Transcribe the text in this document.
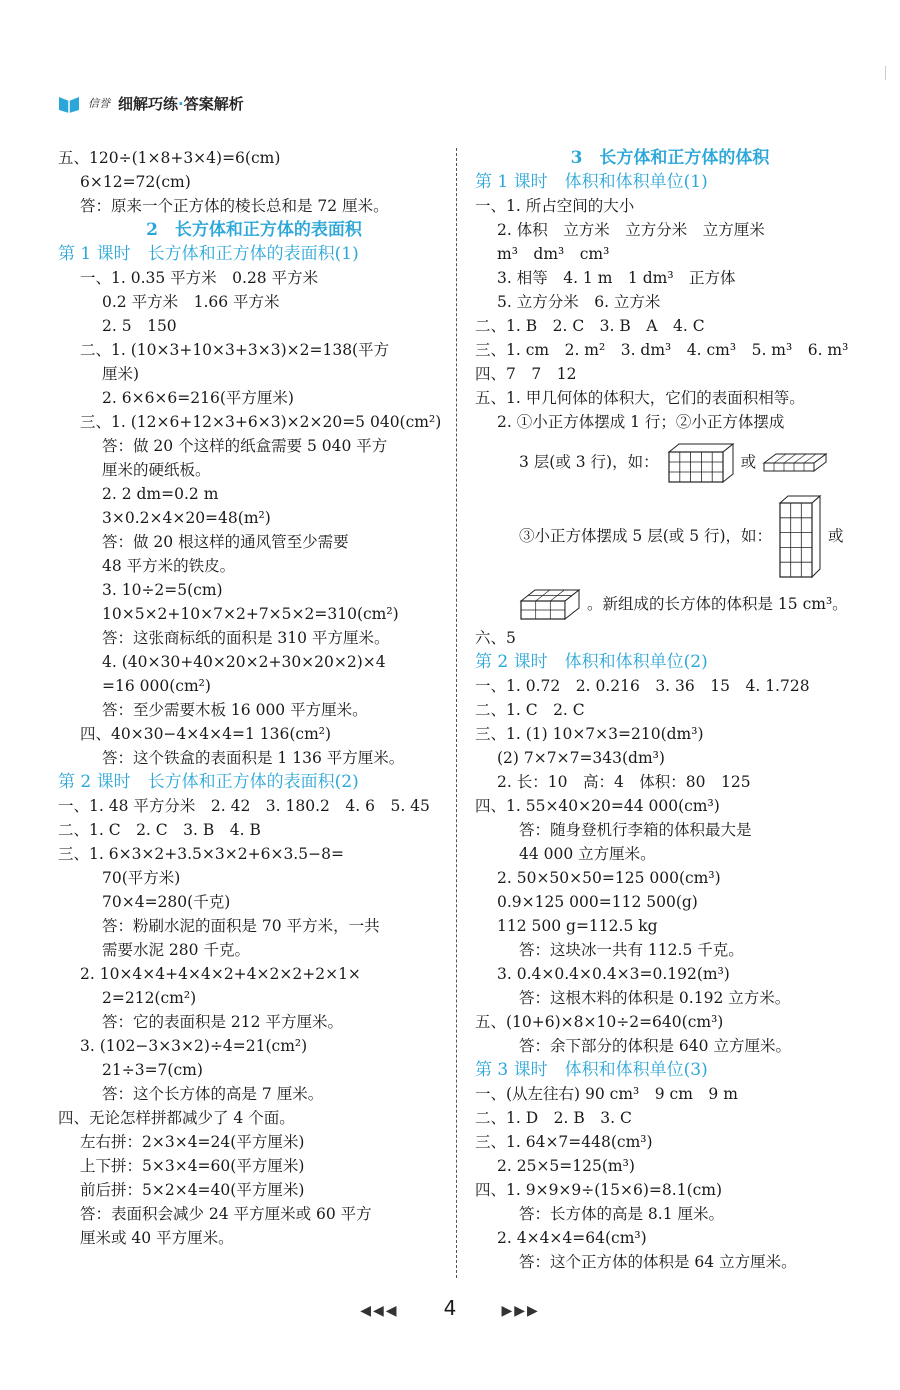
信誉 细解巧练·答案解析
五、120÷(1×8+3×4)=6(cm)
6×12=72(cm)
答：原来一个正方体的棱长总和是 72 厘米。
2　长方体和正方体的表面积
第 1 课时　长方体和正方体的表面积(1)
一、1. 0.35 平方米　0.28 平方米
0.2 平方米　1.66 平方米
2. 5　150
二、1. (10×3+10×3+3×3)×2=138(平方
厘米)
2. 6×6×6=216(平方厘米)
三、1. (12×6+12×3+6×3)×2×20=5 040(cm²)
答：做 20 个这样的纸盒需要 5 040 平方
厘米的硬纸板。
2. 2 dm=0.2 m
3×0.2×4×20=48(m²)
答：做 20 根这样的通风管至少需要
48 平方米的铁皮。
3. 10÷2=5(cm)
10×5×2+10×7×2+7×5×2=310(cm²)
答：这张商标纸的面积是 310 平方厘米。
4. (40×30+40×20×2+30×20×2)×4
=16 000(cm²)
答：至少需要木板 16 000 平方厘米。
四、40×30−4×4×4=1 136(cm²)
答：这个铁盒的表面积是 1 136 平方厘米。
第 2 课时　长方体和正方体的表面积(2)
一、1. 48 平方分米　2. 42　3. 180.2　4. 6　5. 45
二、1. C　2. C　3. B　4. B
三、1. 6×3×2+3.5×3×2+6×3.5−8=
70(平方米)
70×4=280(千克)
答：粉刷水泥的面积是 70 平方米，一共
需要水泥 280 千克。
2. 10×4×4+4×4×2+4×2×2+2×1×
2=212(cm²)
答：它的表面积是 212 平方厘米。
3. (102−3×3×2)÷4=21(cm²)
21÷3=7(cm)
答：这个长方体的高是 7 厘米。
四、无论怎样拼都减少了 4 个面。
左右拼：2×3×4=24(平方厘米)
上下拼：5×3×4=60(平方厘米)
前后拼：5×2×4=40(平方厘米)
答：表面积会减少 24 平方厘米或 60 平方
厘米或 40 平方厘米。
3　长方体和正方体的体积
第 1 课时　体积和体积单位(1)
一、1. 所占空间的大小
2. 体积　立方米　立方分米　立方厘米
m³　dm³　cm³
3. 相等　4. 1 m　1 dm³　正方体
5. 立方分米　6. 立方米
二、1. B　2. C　3. B　A　4. C
三、1. cm　2. m²　3. dm³　4. cm³　5. m³　6. m³
四、7　7　12
五、1. 甲几何体的体积大，它们的表面积相等。
2. ①小正方体摆成 1 行；②小正方体摆成
3 层(或 3 行)，如：	或
③小正方体摆成 5 层(或 5 行)，如：	或
。新组成的长方体的体积是 15 cm³。
六、5
第 2 课时　体积和体积单位(2)
一、1. 0.72　2. 0.216　3. 36　15　4. 1.728
二、1. C　2. C
三、1. (1) 10×7×3=210(dm³)
(2) 7×7×7=343(dm³)
2. 长：10　高：4　体积：80　125
四、1. 55×40×20=44 000(cm³)
答：随身登机行李箱的体积最大是
44 000 立方厘米。
2. 50×50×50=125 000(cm³)
0.9×125 000=112 500(g)
112 500 g=112.5 kg
答：这块冰一共有 112.5 千克。
3. 0.4×0.4×0.4×3=0.192(m³)
答：这根木料的体积是 0.192 立方米。
五、(10+6)×8×10÷2=640(cm³)
答：余下部分的体积是 640 立方厘米。
第 3 课时　体积和体积单位(3)
一、(从左往右) 90 cm³　9 cm　9 m
二、1. D　2. B　3. C
三、1. 64×7=448(cm³)
2. 25×5=125(m³)
四、1. 9×9×9÷(15×6)=8.1(cm)
答：长方体的高是 8.1 厘米。
2. 4×4×4=64(cm³)
答：这个正方体的体积是 64 立方厘米。
◀◀◀ 4	▶▶▶
